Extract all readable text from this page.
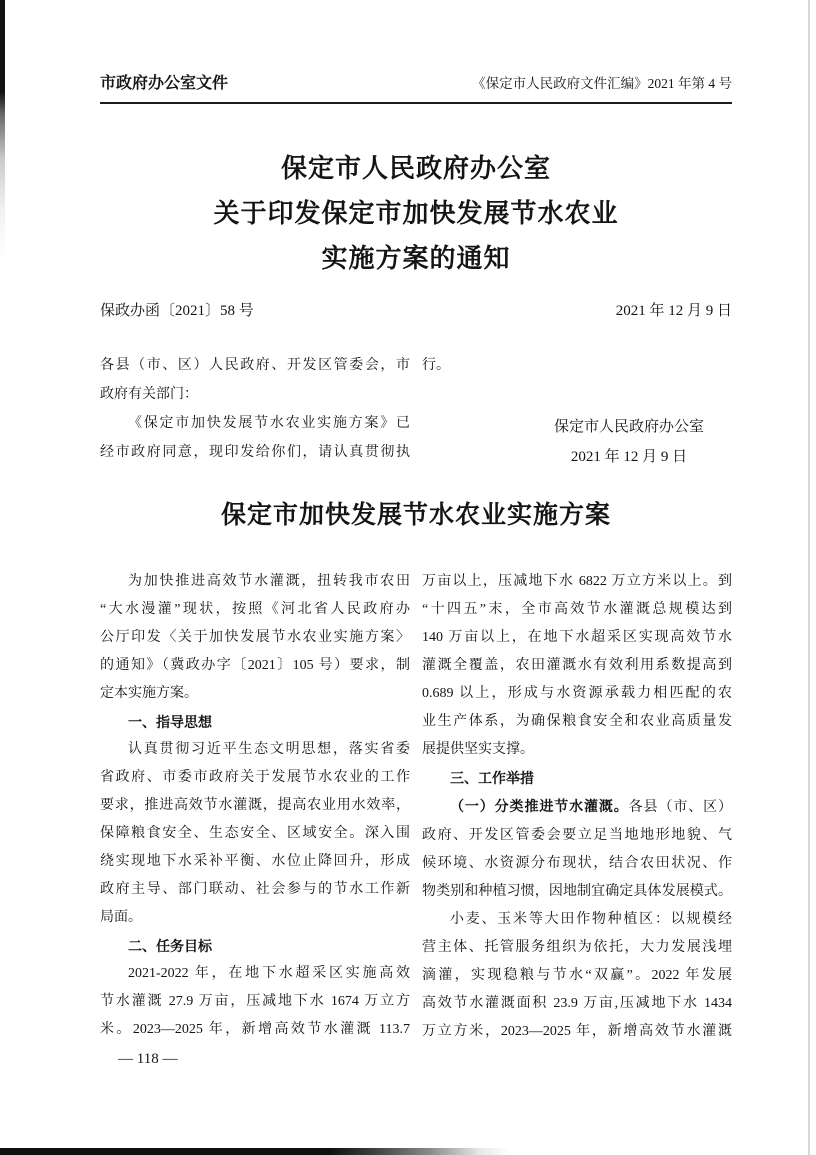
市政府办公室文件	《保定市人民政府文件汇编》2021 年第 4 号
保定市人民政府办公室
关于印发保定市加快发展节水农业
实施方案的通知
保政办函〔2021〕58 号	2021 年 12 月 9 日
各县（市、区）人民政府、开发区管委会，市
政府有关部门：
《保定市加快发展节水农业实施方案》已
经市政府同意，现印发给你们，请认真贯彻执
行。
保定市人民政府办公室
2021 年 12 月 9 日
保定市加快发展节水农业实施方案
为加快推进高效节水灌溉，扭转我市农田
“大水漫灌”现状，按照《河北省人民政府办
公厅印发〈关于加快发展节水农业实施方案〉
的通知》（冀政办字〔2021〕105 号）要求，制
定本实施方案。
一、指导思想
认真贯彻习近平生态文明思想，落实省委
省政府、市委市政府关于发展节水农业的工作
要求，推进高效节水灌溉，提高农业用水效率，
保障粮食安全、生态安全、区域安全。深入围
绕实现地下水采补平衡、水位止降回升，形成
政府主导、部门联动、社会参与的节水工作新
局面。
二、任务目标
2021-2022 年，在地下水超采区实施高效
节水灌溉 27.9 万亩，压减地下水 1674 万立方
米。2023—2025 年，新增高效节水灌溉 113.7
万亩以上，压减地下水 6822 万立方米以上。到
“十四五”末，全市高效节水灌溉总规模达到
140 万亩以上，在地下水超采区实现高效节水
灌溉全覆盖，农田灌溉水有效利用系数提高到
0.689 以上，形成与水资源承载力相匹配的农
业生产体系，为确保粮食安全和农业高质量发
展提供坚实支撑。
三、工作举措
（一）分类推进节水灌溉。各县（市、区）
政府、开发区管委会要立足当地地形地貌、气
候环境、水资源分布现状，结合农田状况、作
物类别和种植习惯，因地制宜确定具体发展模式。
小麦、玉米等大田作物种植区：以规模经
营主体、托管服务组织为依托，大力发展浅埋
滴灌，实现稳粮与节水“双赢”。2022 年发展
高效节水灌溉面积 23.9 万亩,压减地下水 1434
万立方米，2023—2025 年，新增高效节水灌溉
— 118 —
